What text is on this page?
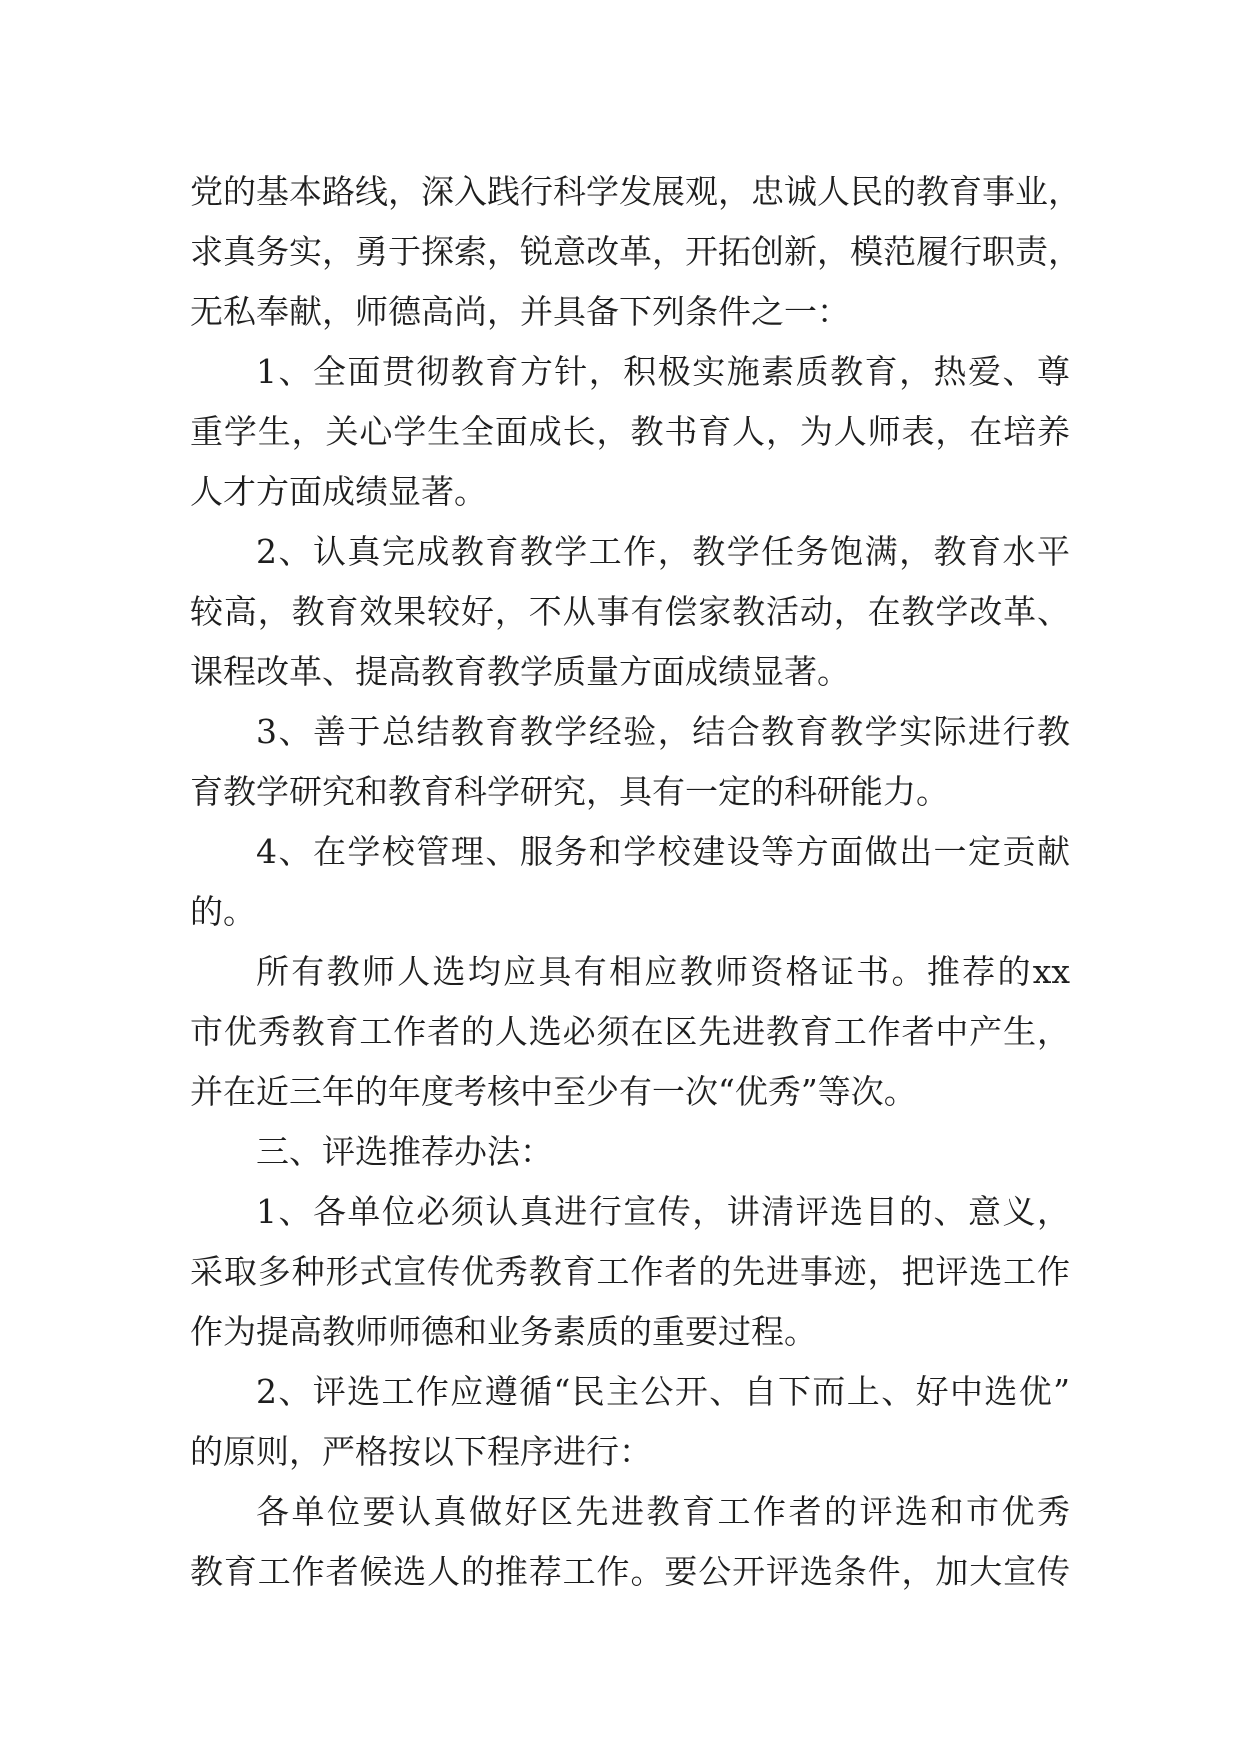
党的基本路线，深入践行科学发展观，忠诚人民的教育事业，
求真务实，勇于探索，锐意改革，开拓创新，模范履行职责，
无私奉献，师德高尚，并具备下列条件之一：
1、全面贯彻教育方针，积极实施素质教育，热爱、尊
重学生，关心学生全面成长，教书育人，为人师表，在培养
人才方面成绩显著。
2、认真完成教育教学工作，教学任务饱满，教育水平
较高，教育效果较好，不从事有偿家教活动，在教学改革、
课程改革、提高教育教学质量方面成绩显著。
3、善于总结教育教学经验，结合教育教学实际进行教
育教学研究和教育科学研究，具有一定的科研能力。
4、在学校管理、服务和学校建设等方面做出一定贡献
的。
所有教师人选均应具有相应教师资格证书。推荐的xx
市优秀教育工作者的人选必须在区先进教育工作者中产生，
并在近三年的年度考核中至少有一次“优秀”等次。
三、评选推荐办法：
1、各单位必须认真进行宣传，讲清评选目的、意义，
采取多种形式宣传优秀教育工作者的先进事迹，把评选工作
作为提高教师师德和业务素质的重要过程。
2、评选工作应遵循“民主公开、自下而上、好中选优”
的原则，严格按以下程序进行：
各单位要认真做好区先进教育工作者的评选和市优秀
教育工作者候选人的推荐工作。要公开评选条件，加大宣传
